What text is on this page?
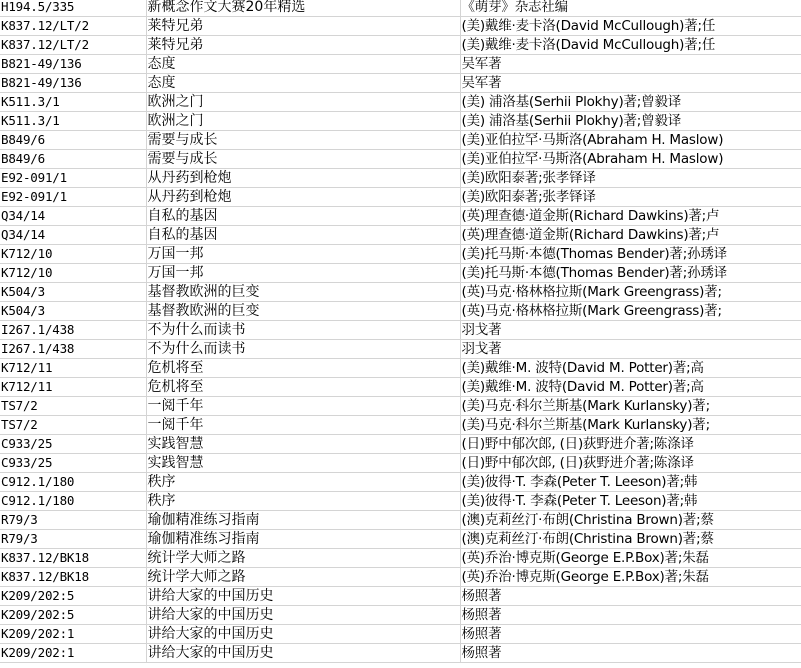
H194.5/335	新概念作文大赛20年精选	《萌芽》杂志社编
K837.12/LT/2	莱特兄弟	(美)戴维·麦卡洛(David McCullough)著;任
K837.12/LT/2	莱特兄弟	(美)戴维·麦卡洛(David McCullough)著;任
B821-49/136	态度	吴军著
B821-49/136	态度	吴军著
K511.3/1	欧洲之门	(美) 浦洛基(Serhii Plokhy)著;曾毅译
K511.3/1	欧洲之门	(美) 浦洛基(Serhii Plokhy)著;曾毅译
B849/6	需要与成长	(美)亚伯拉罕·马斯洛(Abraham H. Maslow)
B849/6	需要与成长	(美)亚伯拉罕·马斯洛(Abraham H. Maslow)
E92-091/1	从丹药到枪炮	(美)欧阳泰著;张孝铎译
E92-091/1	从丹药到枪炮	(美)欧阳泰著;张孝铎译
Q34/14	自私的基因	(英)理查德·道金斯(Richard Dawkins)著;卢
Q34/14	自私的基因	(英)理查德·道金斯(Richard Dawkins)著;卢
K712/10	万国一邦	(美)托马斯·本德(Thomas Bender)著;孙琇译
K712/10	万国一邦	(美)托马斯·本德(Thomas Bender)著;孙琇译
K504/3	基督教欧洲的巨变	(英)马克·格林格拉斯(Mark Greengrass)著;
K504/3	基督教欧洲的巨变	(英)马克·格林格拉斯(Mark Greengrass)著;
I267.1/438	不为什么而读书	羽戈著
I267.1/438	不为什么而读书	羽戈著
K712/11	危机将至	(美)戴维·M. 波特(David M. Potter)著;高
K712/11	危机将至	(美)戴维·M. 波特(David M. Potter)著;高
TS7/2	一阅千年	(美)马克·科尔兰斯基(Mark Kurlansky)著;
TS7/2	一阅千年	(美)马克·科尔兰斯基(Mark Kurlansky)著;
C933/25	实践智慧	(日)野中郁次郎, (日)荻野进介著;陈涤译
C933/25	实践智慧	(日)野中郁次郎, (日)荻野进介著;陈涤译
C912.1/180	秩序	(美)彼得·T. 李森(Peter T. Leeson)著;韩
C912.1/180	秩序	(美)彼得·T. 李森(Peter T. Leeson)著;韩
R79/3	瑜伽精准练习指南	(澳)克莉丝汀·布朗(Christina Brown)著;蔡
R79/3	瑜伽精准练习指南	(澳)克莉丝汀·布朗(Christina Brown)著;蔡
K837.12/BK18	统计学大师之路	(英)乔治·博克斯(George E.P.Box)著;朱磊
K837.12/BK18	统计学大师之路	(英)乔治·博克斯(George E.P.Box)著;朱磊
K209/202:5	讲给大家的中国历史	杨照著
K209/202:5	讲给大家的中国历史	杨照著
K209/202:1	讲给大家的中国历史	杨照著
K209/202:1	讲给大家的中国历史	杨照著
